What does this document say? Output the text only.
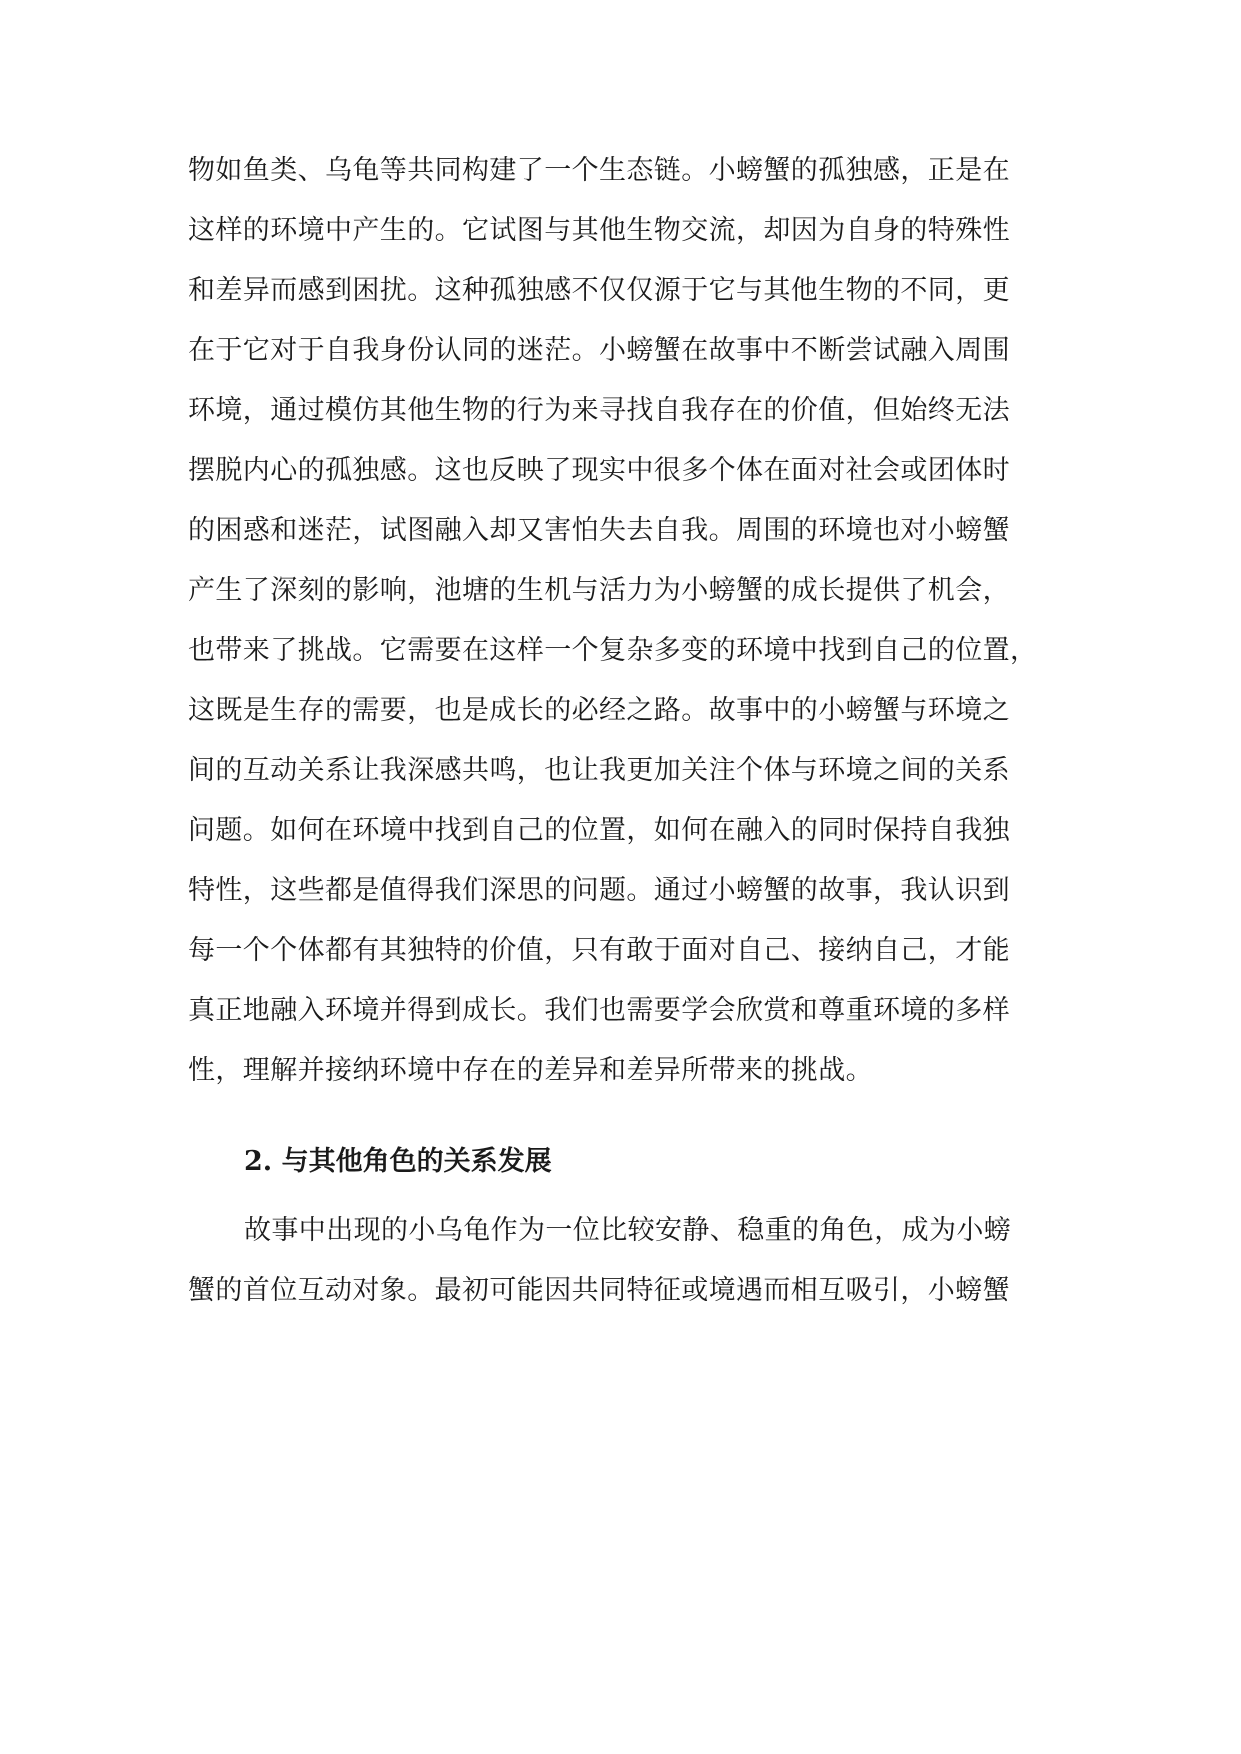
物如鱼类、乌龟等共同构建了一个生态链。小螃蟹的孤独感，正是在
这样的环境中产生的。它试图与其他生物交流，却因为自身的特殊性
和差异而感到困扰。这种孤独感不仅仅源于它与其他生物的不同，更
在于它对于自我身份认同的迷茫。小螃蟹在故事中不断尝试融入周围
环境，通过模仿其他生物的行为来寻找自我存在的价值，但始终无法
摆脱内心的孤独感。这也反映了现实中很多个体在面对社会或团体时
的困惑和迷茫，试图融入却又害怕失去自我。周围的环境也对小螃蟹
产生了深刻的影响，池塘的生机与活力为小螃蟹的成长提供了机会，
也带来了挑战。它需要在这样一个复杂多变的环境中找到自己的位置，
这既是生存的需要，也是成长的必经之路。故事中的小螃蟹与环境之
间的互动关系让我深感共鸣，也让我更加关注个体与环境之间的关系
问题。如何在环境中找到自己的位置，如何在融入的同时保持自我独
特性，这些都是值得我们深思的问题。通过小螃蟹的故事，我认识到
每一个个体都有其独特的价值，只有敢于面对自己、接纳自己，才能
真正地融入环境并得到成长。我们也需要学会欣赏和尊重环境的多样
性，理解并接纳环境中存在的差异和差异所带来的挑战。
2. 与其他角色的关系发展
故事中出现的小乌龟作为一位比较安静、稳重的角色，成为小螃
蟹的首位互动对象。最初可能因共同特征或境遇而相互吸引，小螃蟹
